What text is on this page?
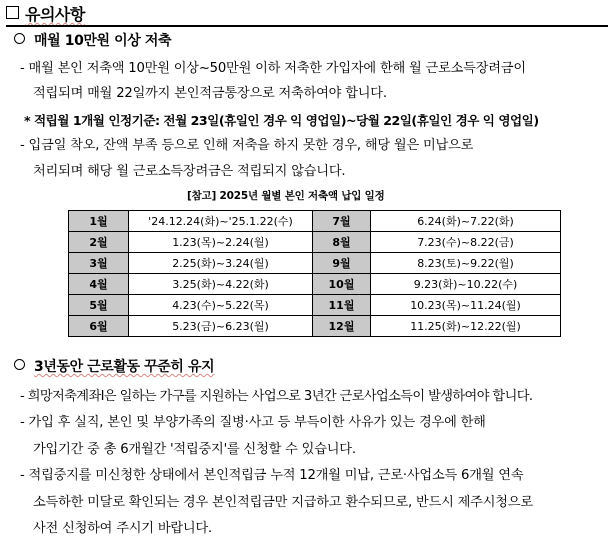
유의사항
매월 10만원 이상 저축
- 매월 본인 저축액 10만원 이상~50만원 이하 저축한 가입자에 한해 월 근로소득장려금이
적립되며 매월 22일까지 본인적금통장으로 저축하여야 합니다.
* 적립월 1개월 인정기준: 전월 23일(휴일인 경우 익 영업일)~당월 22일(휴일인 경우 익 영업일)
- 입금일 착오, 잔액 부족 등으로 인해 저축을 하지 못한 경우, 해당 월은 미납으로
처리되며 해당 월 근로소득장려금은 적립되지 않습니다.
[참고] 2025년 월별 본인 저축액 납입 일정
1월	'24.12.24(화)~'25.1.22(수)	7월	6.24(화)~7.22(화)
2월	1.23(목)~2.24(월)	8월	7.23(수)~8.22(금)
3월	2.25(화)~3.24(월)	9월	8.23(토)~9.22(월)
4월	3.25(화)~4.22(화)	10월	9.23(화)~10.22(수)
5월	4.23(수)~5.22(목)	11월	10.23(목)~11.24(월)
6월	5.23(금)~6.23(월)	12월	11.25(화)~12.22(월)
3년동안 근로활동 꾸준히 유지
- 희망저축계좌Ⅰ은 일하는 가구를 지원하는 사업으로 3년간 근로사업소득이 발생하여야 합니다.
- 가입 후 실직, 본인 및 부양가족의 질병·사고 등 부득이한 사유가 있는 경우에 한해
가입기간 중 총 6개월간 '적립중지'를 신청할 수 있습니다.
- 적립중지를 미신청한 상태에서 본인적립금 누적 12개월 미납, 근로·사업소득 6개월 연속
소득하한 미달로 확인되는 경우 본인적립금만 지급하고 환수되므로, 반드시 제주시청으로
사전 신청하여 주시기 바랍니다.
